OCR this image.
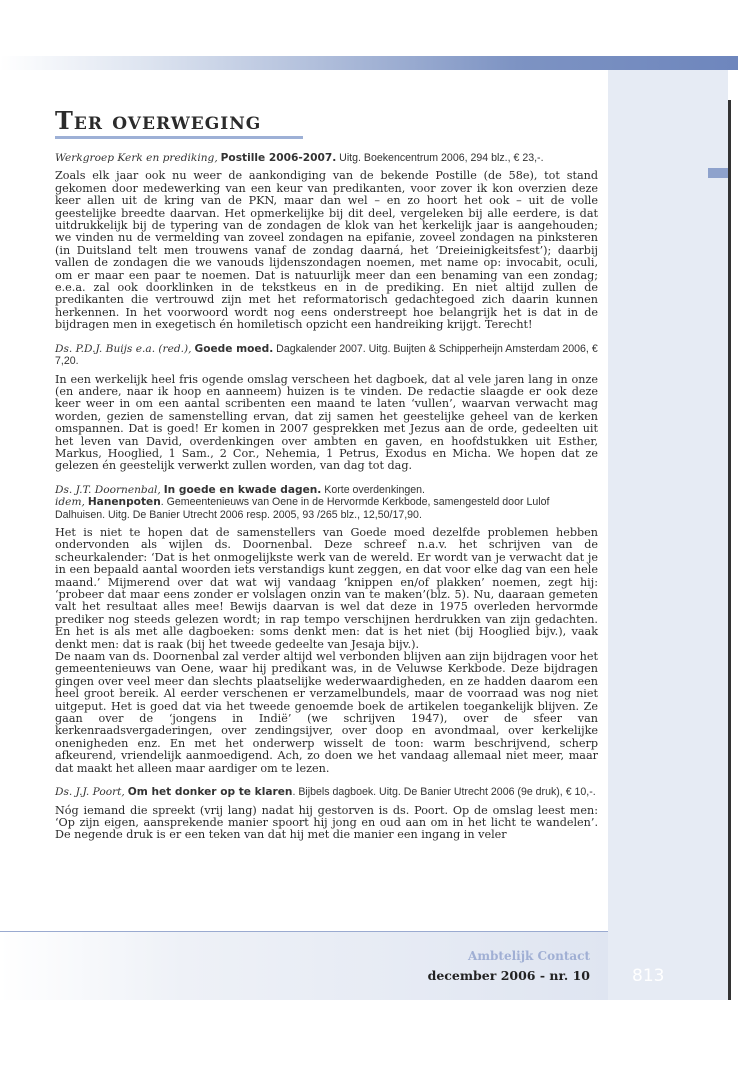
Ter overweging

Werkgroep Kerk en prediking, Postille 2006-2007. Uitg. Boekencentrum 2006, 294 blz., € 23,-.

Zoals elk jaar ook nu weer de aankondiging van de bekende Postille (de 58e), tot stand gekomen door medewerking van een keur van predikanten, voor zover ik kon overzien deze keer allen uit de kring van de PKN, maar dan wel – en zo hoort het ook – uit de volle geestelijke breedte daarvan. Het opmerkelijke bij dit deel, vergeleken bij alle eerdere, is dat uitdrukkelijk bij de typering van de zondagen de klok van het kerkelijk jaar is aangehouden; we vinden nu de vermelding van zoveel zondagen na epifanie, zoveel zondagen na pinksteren (in Duitsland telt men trouwens vanaf de zondag daarná, het ‘Dreieinigkeitsfest’); daarbij vallen de zondagen die we vanouds lijdenszondagen noemen, met name op: invocabit, oculi, om er maar een paar te noemen. Dat is natuurlijk meer dan een benaming van een zondag; e.e.a. zal ook doorklinken in de tekstkeus en in de prediking. En niet altijd zullen de predikanten die vertrouwd zijn met het reformatorisch gedachtegoed zich daarin kunnen herkennen. In het voorwoord wordt nog eens onderstreept hoe belangrijk het is dat in de bijdragen men in exegetisch én homiletisch opzicht een handreiking krijgt. Terecht!

Ds. P.D.J. Buijs e.a. (red.), Goede moed. Dagkalender 2007. Uitg. Buijten & Schipperheijn Amsterdam 2006, € 7,20.

In een werkelijk heel fris ogende omslag verscheen het dagboek, dat al vele jaren lang in onze (en andere, naar ik hoop en aanneem) huizen is te vinden. De redactie slaagde er ook deze keer weer in om een aantal scribenten een maand te laten ‘vullen’, waarvan verwacht mag worden, gezien de samenstelling ervan, dat zij samen het geestelijke geheel van de kerken omspannen. Dat is goed! Er komen in 2007 gesprekken met Jezus aan de orde, gedeelten uit het leven van David, overdenkingen over ambten en gaven, en hoofdstukken uit Esther, Markus, Hooglied, 1 Sam., 2 Cor., Nehemia, 1 Petrus, Exodus en Micha. We hopen dat ze gelezen én geestelijk verwerkt zullen worden, van dag tot dag.

Ds. J.T. Doornenbal, In goede en kwade dagen. Korte overdenkingen.

idem, Hanenpoten. Gemeentenieuws van Oene in de Hervormde Kerkbode, samengesteld door Lulof Dalhuisen. Uitg. De Banier Utrecht 2006 resp. 2005, 93 /265 blz., 12,50/17,90.

Het is niet te hopen dat de samenstellers van Goede moed dezelfde problemen hebben ondervonden als wijlen ds. Doornenbal. Deze schreef n.a.v. het schrijven van de scheurkalender: ‘Dat is het onmogelijkste werk van de wereld. Er wordt van je verwacht dat je in een bepaald aantal woorden iets verstandigs kunt zeggen, en dat voor elke dag van een hele maand.’ Mijmerend over dat wat wij vandaag ‘knippen en/of plakken’ noemen, zegt hij: ‘probeer dat maar eens zonder er volslagen onzin van te maken’(blz. 5). Nu, daaraan gemeten valt het resultaat alles mee! Bewijs daarvan is wel dat deze in 1975 overleden hervormde prediker nog steeds gelezen wordt; in rap tempo verschijnen herdrukken van zijn gedachten. En het is als met alle dagboeken: soms denkt men: dat is het niet (bij Hooglied bijv.), vaak denkt men: dat is raak (bij het tweede gedeelte van Jesaja bijv.).

De naam van ds. Doornenbal zal verder altijd wel verbonden blijven aan zijn bijdragen voor het gemeentenieuws van Oene, waar hij predikant was, in de Veluwse Kerkbode. Deze bijdragen gingen over veel meer dan slechts plaatselijke wederwaardigheden, en ze hadden daarom een heel groot bereik. Al eerder verschenen er verzamelbundels, maar de voorraad was nog niet uitgeput. Het is goed dat via het tweede genoemde boek de artikelen toegankelijk blijven. Ze gaan over de ‘jongens in Indië’ (we schrijven 1947), over de sfeer van kerkenraadsvergaderingen, over zendingsijver, over doop en avondmaal, over kerkelijke onenigheden enz. En met het onderwerp wisselt de toon: warm beschrijvend, scherp afkeurend, vriendelijk aanmoedigend. Ach, zo doen we het vandaag allemaal niet meer, maar dat maakt het alleen maar aardiger om te lezen.

Ds. J.J. Poort, Om het donker op te klaren. Bijbels dagboek. Uitg. De Banier Utrecht 2006 (9e druk), € 10,-.

Nóg iemand die spreekt (vrij lang) nadat hij gestorven is ds. Poort. Op de omslag leest men: ‘Op zijn eigen, aansprekende manier spoort hij jong en oud aan om in het licht te wandelen’. De negende druk is er een teken van dat hij met die manier een ingang in veler

Ambtelijk Contact
december 2006 - nr. 10 813
